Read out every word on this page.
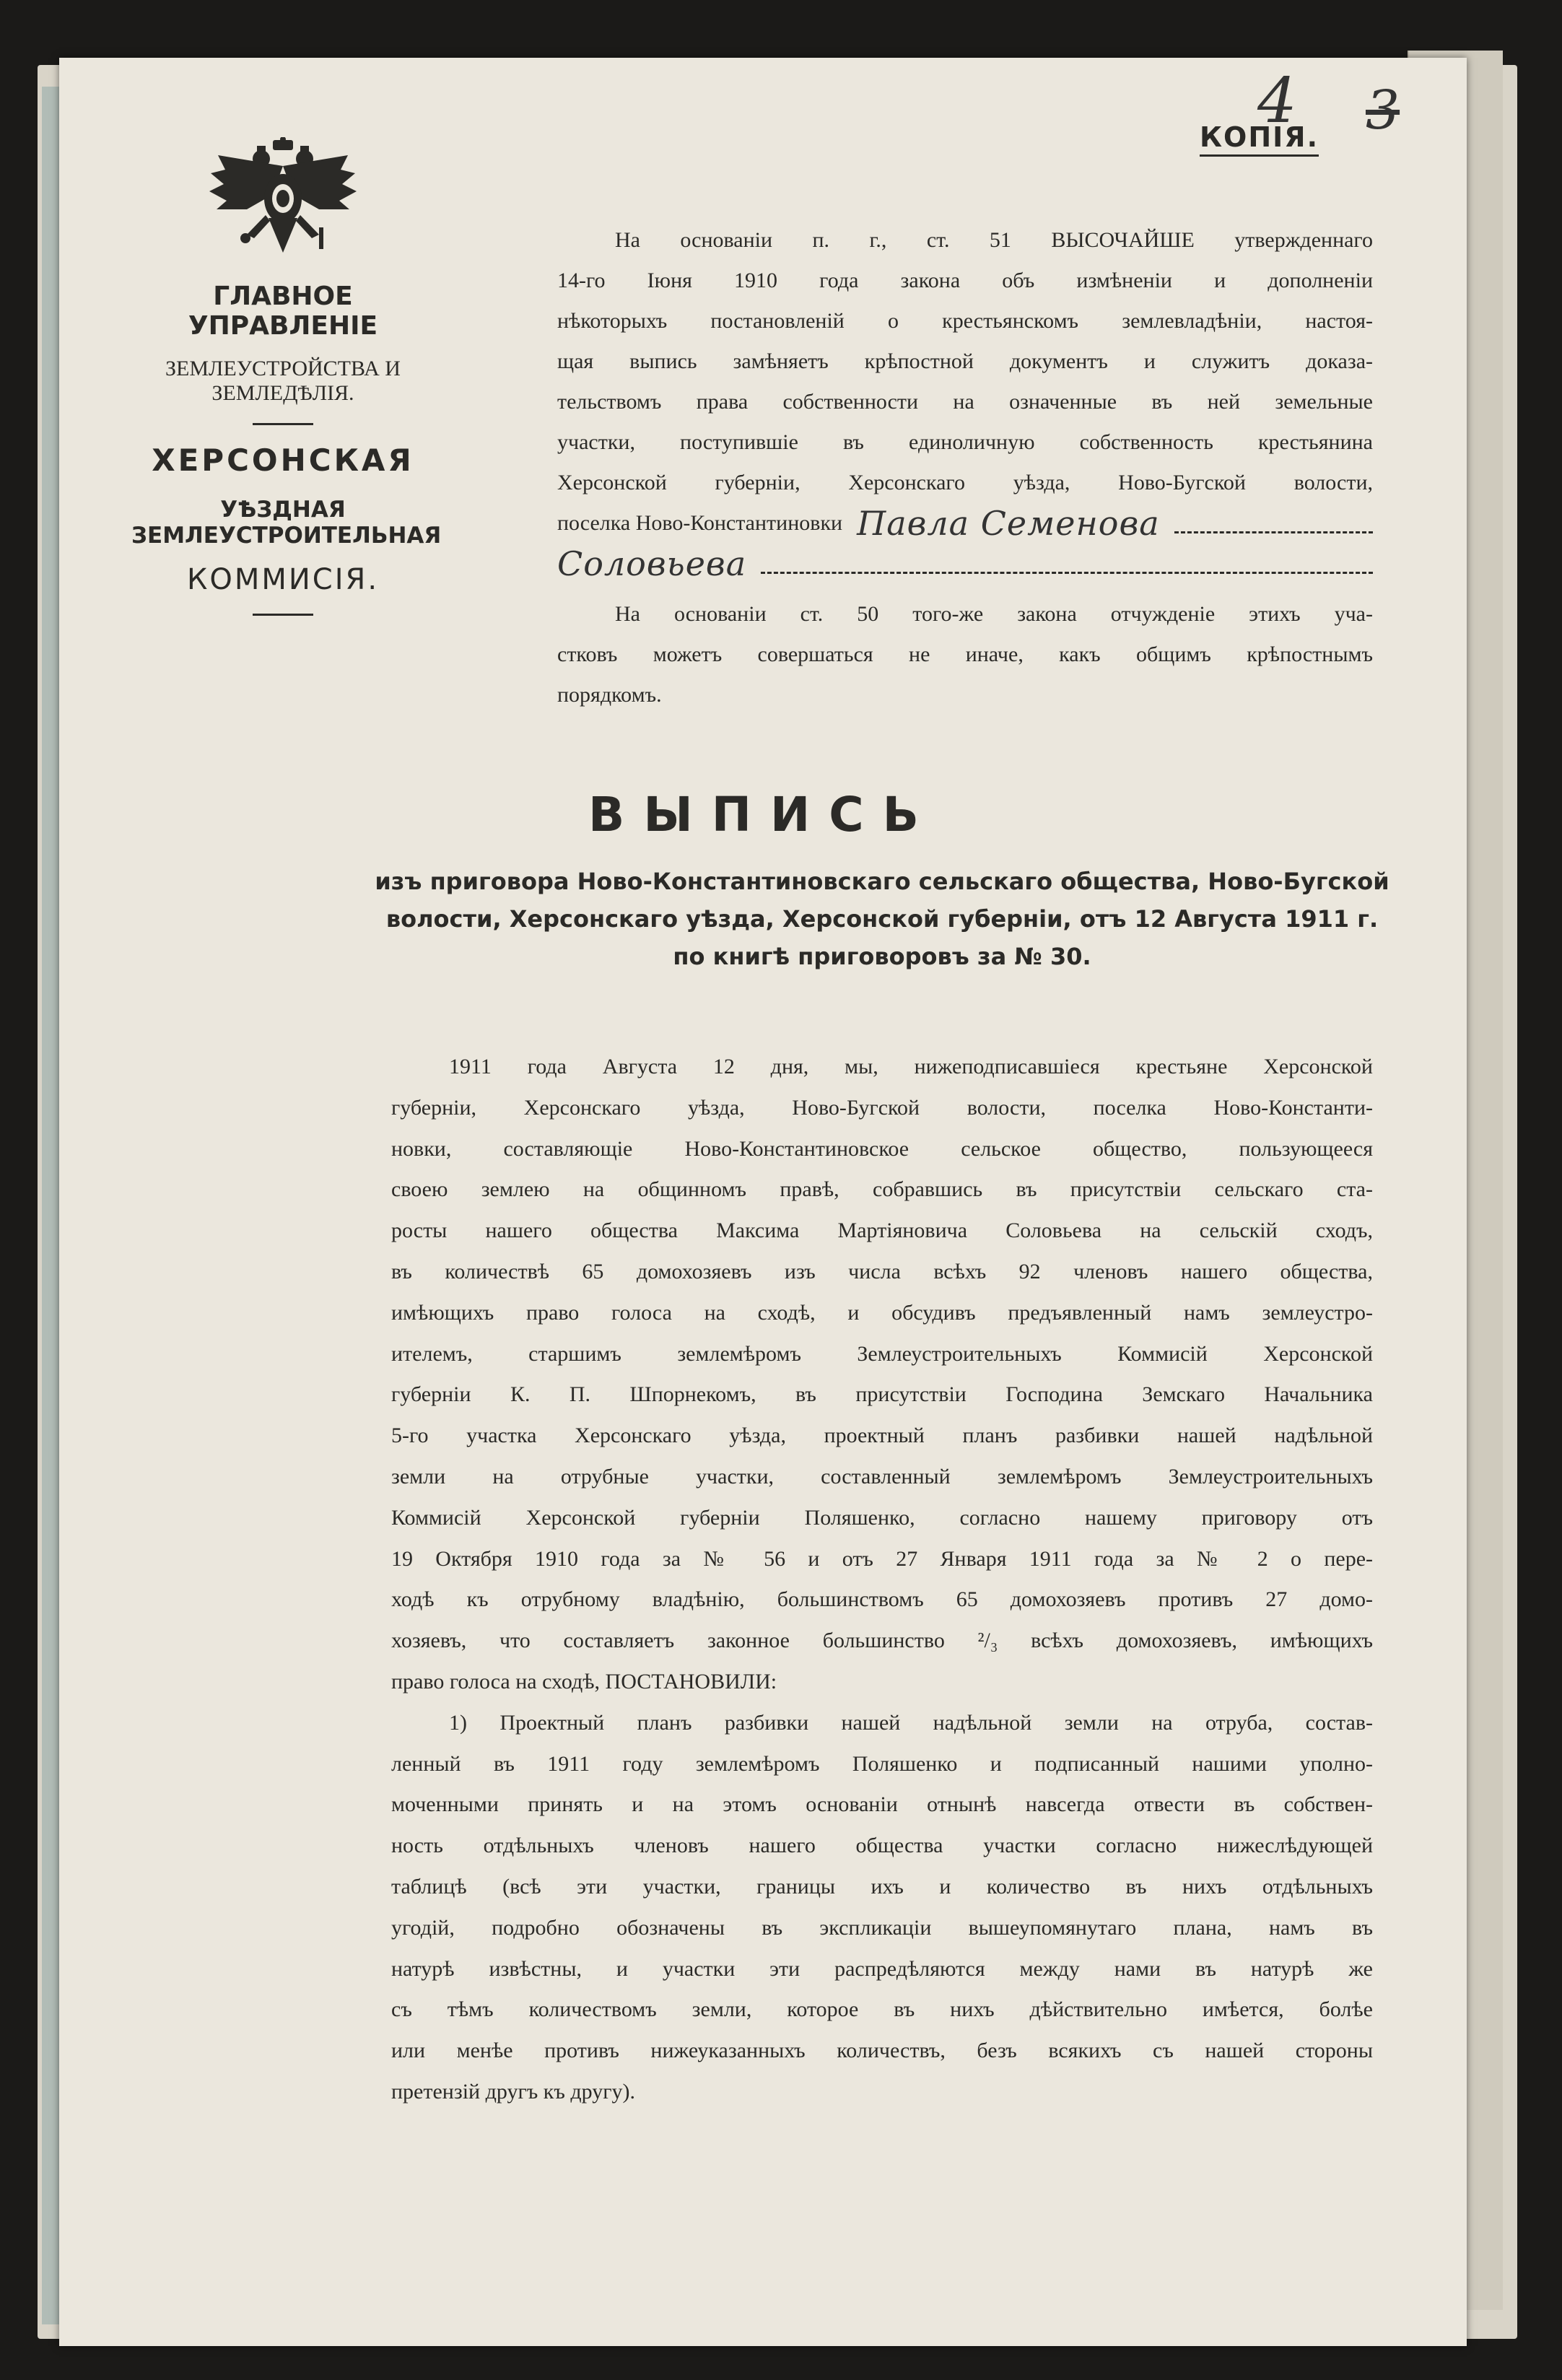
4 3
КОПІЯ.
ГЛАВНОЕ УПРАВЛЕНІЕ
ЗЕМЛЕУСТРОЙСТВА И ЗЕМЛЕДѢЛІЯ.
ХЕРСОНСКАЯ
УѢЗДНАЯ ЗЕМЛЕУСТРОИТЕЛЬНАЯ
КОММИСІЯ.
На основаніи п. г., ст. 51 ВЫСОЧАЙШЕ утвержденнаго
14-го Іюня 1910 года закона объ измѣненіи и дополненіи
нѣкоторыхъ постановленій о крестьянскомъ землевладѣніи, настоя-
щая выпись замѣняетъ крѣпостной документъ и служитъ доказа-
тельствомъ права собственности на означенные въ ней земельные
участки, поступившіе въ единоличную собственность крестьянина
Херсонской губерніи, Херсонскаго уѣзда, Ново-Бугской волости,
поселка Ново-Константиновки Павла Семенова
Соловьева
На основаніи ст. 50 того-же закона отчужденіе этихъ уча-
стковъ можетъ совершаться не иначе, какъ общимъ крѣпостнымъ
порядкомъ.
ВЫПИСЬ
изъ приговора Ново-Константиновскаго сельскаго общества, Ново-Бугской
волости, Херсонскаго уѣзда, Херсонской губерніи, отъ 12 Августа 1911 г.
по книгѣ приговоровъ за № 30.
1911 года Августа 12 дня, мы, нижеподписавшіеся крестьяне Херсонской
губерніи, Херсонскаго уѣзда, Ново-Бугской волости, поселка Ново-Константи-
новки, составляющіе Ново-Константиновское сельское общество, пользующееся
своею землею на общинномъ правѣ, собравшись въ присутствіи сельскаго ста-
росты нашего общества Максима Мартіяновича Соловьева на сельскій сходъ,
въ количествѣ 65 домохозяевъ изъ числа всѣхъ 92 членовъ нашего общества,
имѣющихъ право голоса на сходѣ, и обсудивъ предъявленный намъ землеустро-
ителемъ, старшимъ землемѣромъ Землеустроительныхъ Коммисій Херсонской
губерніи К. П. Шпорнекомъ, въ присутствіи Господина Земскаго Начальника
5-го участка Херсонскаго уѣзда, проектный планъ разбивки нашей надѣльной
земли на отрубные участки, составленный землемѣромъ Землеустроительныхъ
Коммисій Херсонской губерніи Поляшенко, согласно нашему приговору отъ
19 Октября 1910 года за № 56 и отъ 27 Января 1911 года за № 2 о пере-
ходѣ къ отрубному владѣнію, большинствомъ 65 домохозяевъ противъ 27 домо-
хозяевъ, что составляетъ законное большинство ²/₃ всѣхъ домохозяевъ, имѣющихъ
право голоса на сходѣ, ПОСТАНОВИЛИ:
1) Проектный планъ разбивки нашей надѣльной земли на отруба, состав-
ленный въ 1911 году землемѣромъ Поляшенко и подписанный нашими уполно-
моченными принять и на этомъ основаніи отнынѣ навсегда отвести въ собствен-
ность отдѣльныхъ членовъ нашего общества участки согласно нижеслѣдующей
таблицѣ (всѣ эти участки, границы ихъ и количество въ нихъ отдѣльныхъ
угодій, подробно обозначены въ экспликаціи вышеупомянутаго плана, намъ въ
натурѣ извѣстны, и участки эти распредѣляются между нами въ натурѣ же
съ тѣмъ количествомъ земли, которое въ нихъ дѣйствительно имѣется, болѣе
или менѣе противъ нижеуказанныхъ количествъ, безъ всякихъ съ нашей стороны
претензій другъ къ другу).
